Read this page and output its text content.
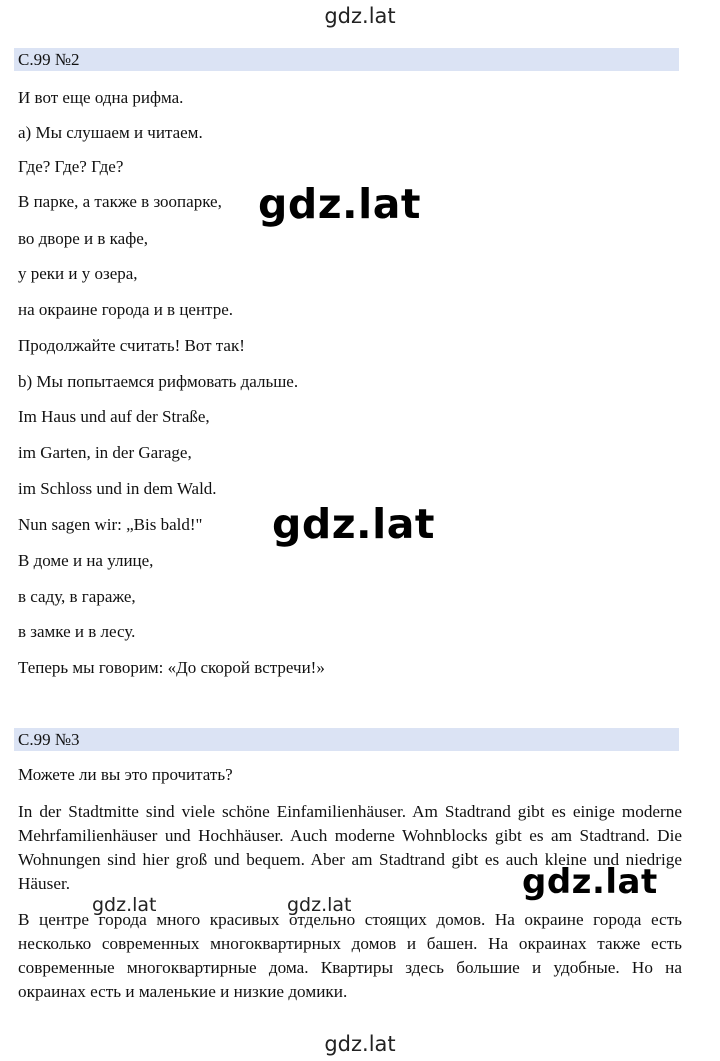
gdz.lat
С.99 №2
И вот еще одна рифма.
а) Мы слушаем и читаем.
Где? Где? Где?
В парке, а также в зоопарке,
во дворе и в кафе,
у реки и у озера,
на окраине города и в центре.
Продолжайте считать! Вот так!
b) Мы попытаемся рифмовать дальше.
Im Haus und auf der Straße,
im Garten, in der Garage,
im Schloss und in dem Wald.
Nun sagen wir: „Bis bald!"
В доме и на улице,
в саду, в гараже,
в замке и в лесу.
Теперь мы говорим: «До скорой встречи!»
С.99 №3
Можете ли вы это прочитать?

In der Stadtmitte sind viele schöne Einfamilienhäuser. Am Stadtrand gibt es einige moderne Mehrfamilienhäuser und Hochhäuser. Auch moderne Wohnblocks gibt es am Stadtrand. Die Wohnungen sind hier groß und bequem. Aber am Stadtrand gibt es auch kleine und niedrige Häuser.

В центре города много красивых отдельно стоящих домов. На окраине города есть несколько современных многоквартирных домов и башен. На окраинах также есть современные многоквартирные дома. Квартиры здесь большие и удобные. Но на окраинах есть и маленькие и низкие домики.

gdz.lat
gdz.lat
gdz.lat
gdz.lat	gdz.lat
gdz.lat
